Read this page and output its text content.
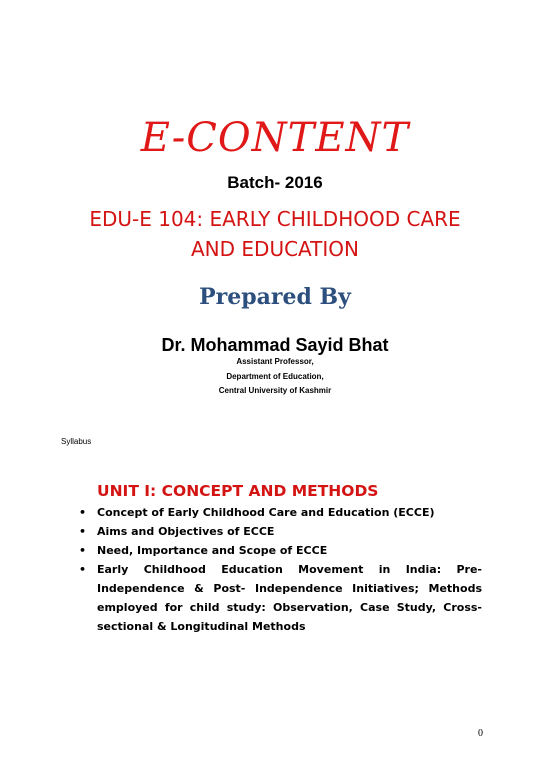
E-CONTENT
Batch- 2016
EDU-E 104: EARLY CHILDHOOD CARE
AND EDUCATION
Prepared By
Dr. Mohammad Sayid Bhat
Assistant Professor,
Department of Education,
Central University of Kashmir
Syllabus
UNIT I: CONCEPT AND METHODS
• Concept of Early Childhood Care and Education (ECCE)
• Aims and Objectives of ECCE
• Need, Importance and Scope of ECCE
• Early Childhood Education Movement in India: Pre-Independence & Post- Independence Initiatives; Methods employed for child study: Observation, Case Study, Cross-sectional & Longitudinal Methods
0
